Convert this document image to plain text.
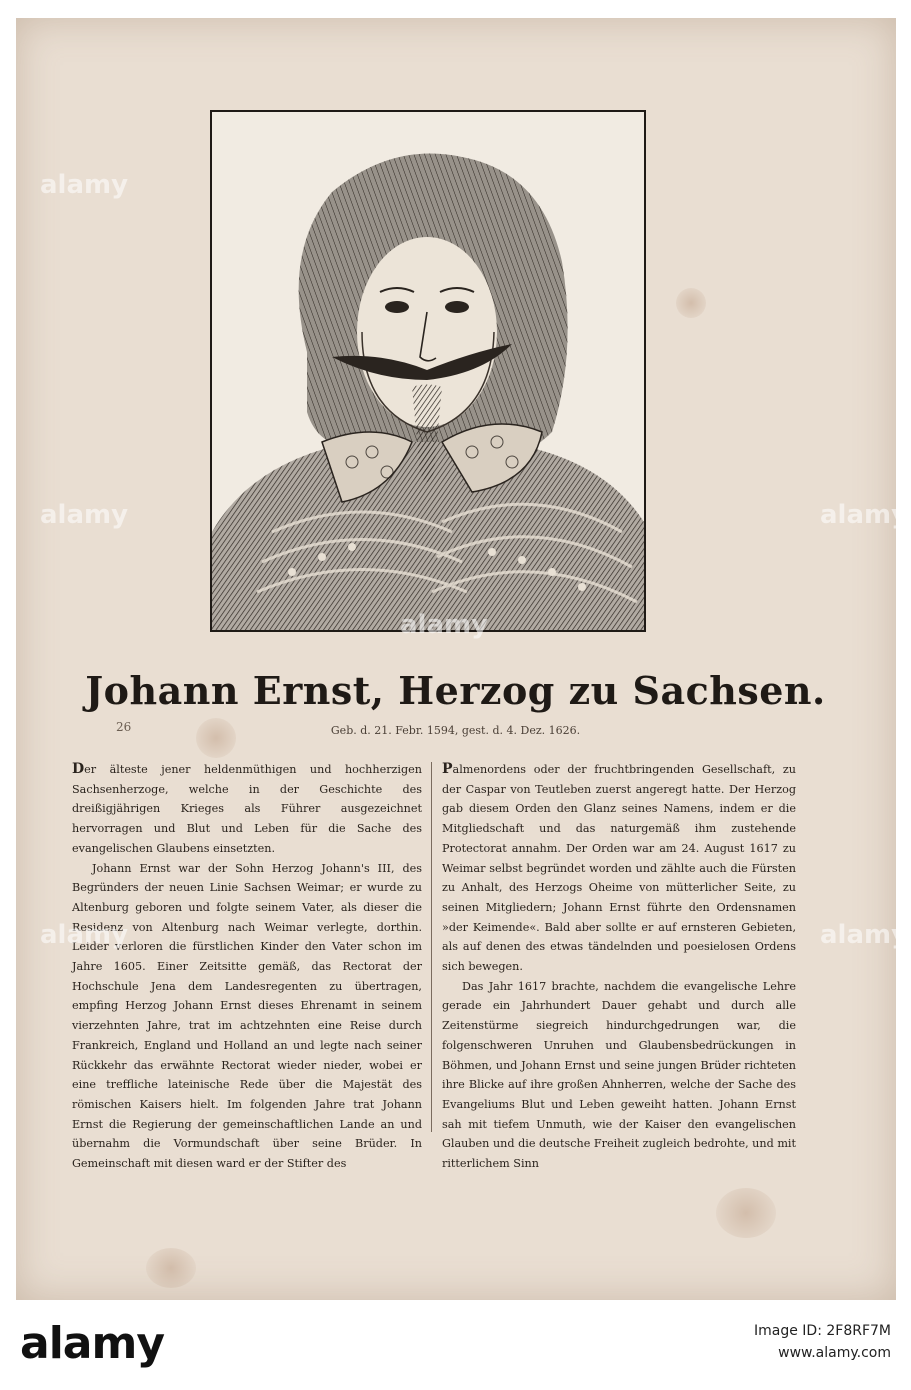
26
Johann Ernst, Herzog zu Sachsen.
Geb. d. 21. Febr. 1594, gest. d. 4. Dez. 1626.

Der älteste jener heldenmüthigen und hochherzigen Sachsenherzoge, welche in der Geschichte des dreißigjährigen Krieges als Führer ausgezeichnet hervorragen und Blut und Leben für die Sache des evangelischen Glaubens einsetzten.

Johann Ernst war der Sohn Herzog Johann's III, des Begründers der neuen Linie Sachsen Weimar; er wurde zu Altenburg geboren und folgte seinem Vater, als dieser die Residenz von Altenburg nach Weimar verlegte, dorthin. Leider verloren die fürstlichen Kinder den Vater schon im Jahre 1605. Einer Zeitsitte gemäß, das Rectorat der Hochschule Jena dem Landesregenten zu übertragen, empfing Herzog Johann Ernst dieses Ehrenamt in seinem vierzehnten Jahre, trat im achtzehnten eine Reise durch Frankreich, England und Holland an und legte nach seiner Rückkehr das erwähnte Rectorat wieder nieder, wobei er eine treffliche lateinische Rede über die Majestät des römischen Kaisers hielt. Im folgenden Jahre trat Johann Ernst die Regierung der gemeinschaftlichen Lande an und übernahm die Vormundschaft über seine Brüder. In Gemeinschaft mit diesen ward er der Stifter des

Palmenordens oder der fruchtbringenden Gesellschaft, zu der Caspar von Teutleben zuerst angeregt hatte. Der Herzog gab diesem Orden den Glanz seines Namens, indem er die Mitgliedschaft und das naturgemäß ihm zustehende Protectorat annahm. Der Orden war am 24. August 1617 zu Weimar selbst begründet worden und zählte auch die Fürsten zu Anhalt, des Herzogs Oheime von mütterlicher Seite, zu seinen Mitgliedern; Johann Ernst führte den Ordensnamen »der Keimende«. Bald aber sollte er auf ernsteren Gebieten, als auf denen des etwas tändelnden und poesielosen Ordens sich bewegen.

Das Jahr 1617 brachte, nachdem die evangelische Lehre gerade ein Jahrhundert Dauer gehabt und durch alle Zeitenstürme siegreich hindurchgedrungen war, die folgenschweren Unruhen und Glaubensbedrückungen in Böhmen, und Johann Ernst und seine jungen Brüder richteten ihre Blicke auf ihre großen Ahnherren, welche der Sache des Evangeliums Blut und Leben geweiht hatten. Johann Ernst sah mit tiefem Unmuth, wie der Kaiser den evangelischen Glauben und die deutsche Freiheit zugleich bedrohte, und mit ritterlichem Sinn

alamy
alamy
alamy
alamy
alamy
alamy
alamy	Image ID: 2F8RF7M
www.alamy.com
